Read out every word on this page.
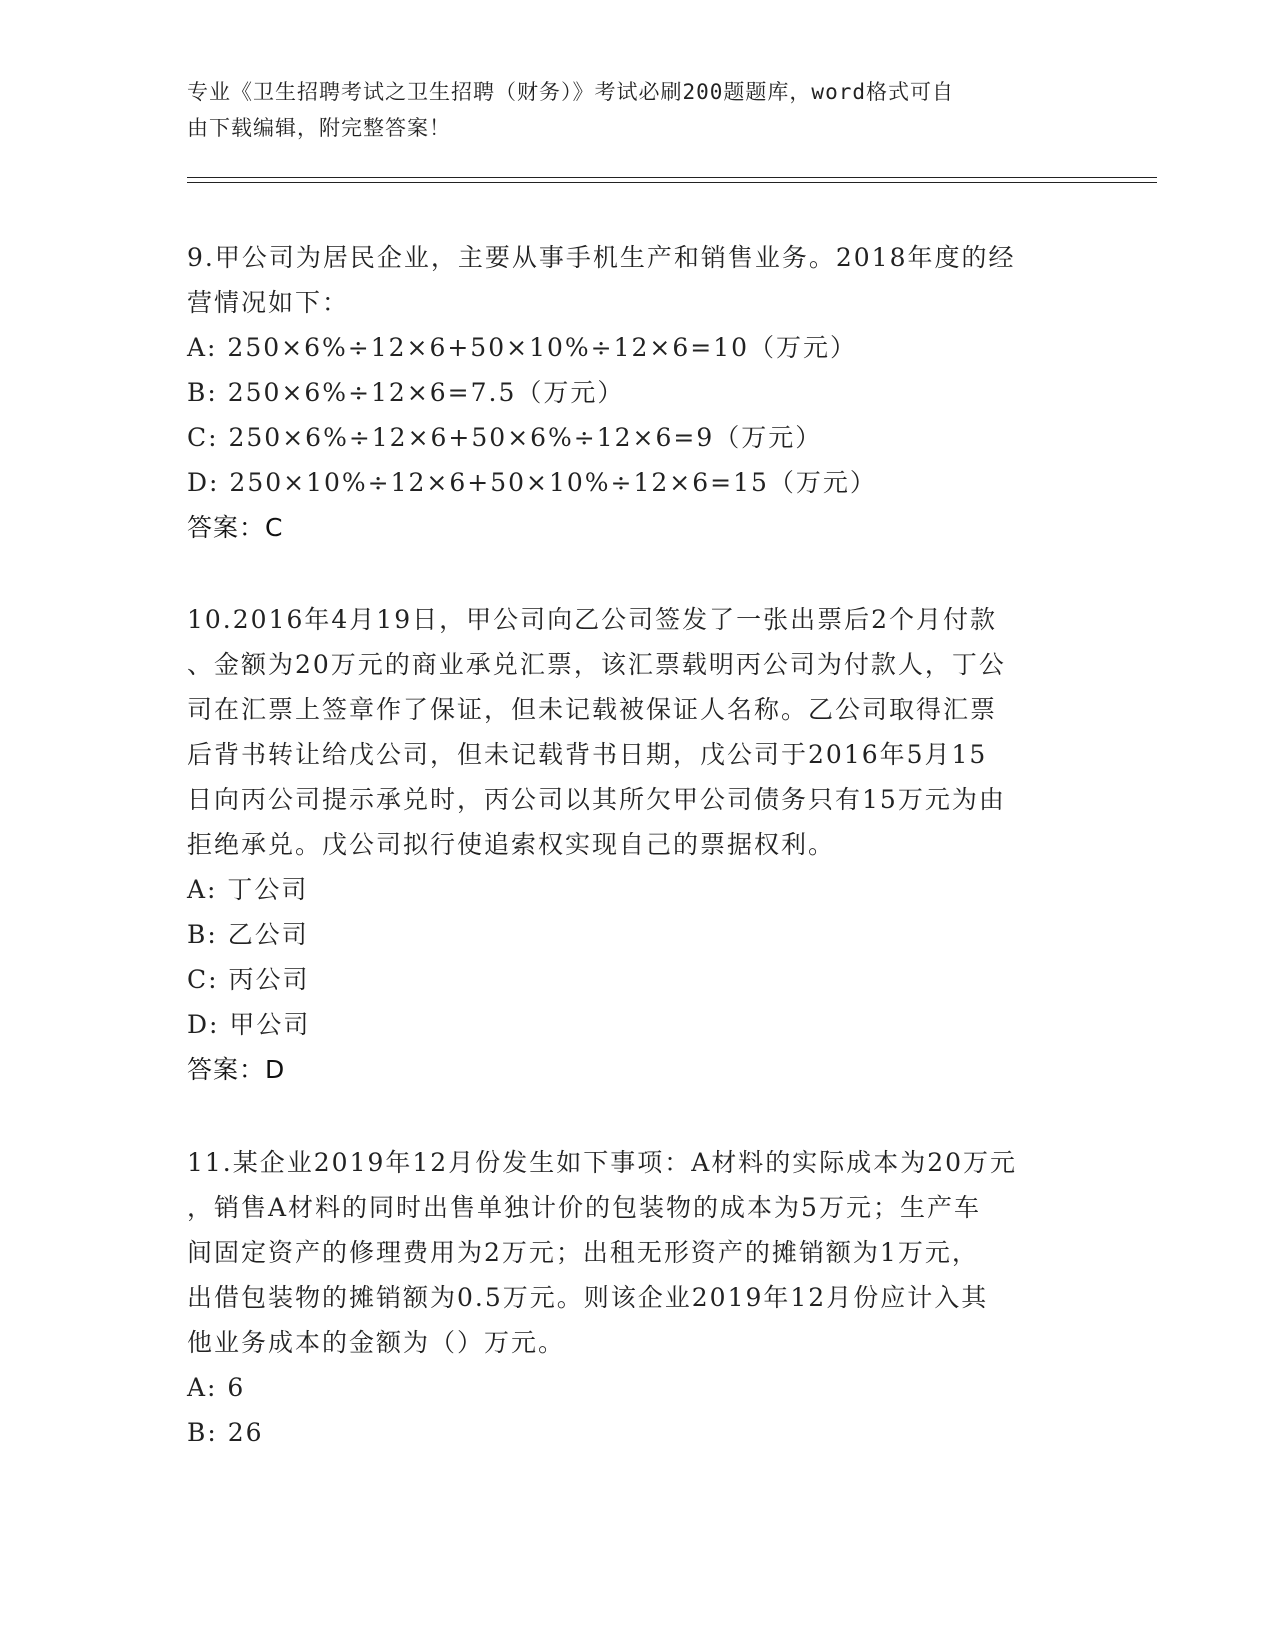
专业《卫生招聘考试之卫生招聘（财务）》考试必刷200题题库，word格式可自
由下载编辑，附完整答案！
9.甲公司为居民企业，主要从事手机生产和销售业务。2018年度的经
营情况如下：
A: 250×6%÷12×6+50×10%÷12×6=10（万元）
B: 250×6%÷12×6=7.5（万元）
C: 250×6%÷12×6+50×6%÷12×6=9（万元）
D: 250×10%÷12×6+50×10%÷12×6=15（万元）
答案：C
10.2016年4月19日，甲公司向乙公司签发了一张出票后2个月付款
、金额为20万元的商业承兑汇票，该汇票载明丙公司为付款人，丁公
司在汇票上签章作了保证，但未记载被保证人名称。乙公司取得汇票
后背书转让给戊公司，但未记载背书日期，戊公司于2016年5月15
日向丙公司提示承兑时，丙公司以其所欠甲公司债务只有15万元为由
拒绝承兑。戊公司拟行使追索权实现自己的票据权利。
A: 丁公司
B: 乙公司
C: 丙公司
D: 甲公司
答案：D
11.某企业2019年12月份发生如下事项：A材料的实际成本为20万元
，销售A材料的同时出售单独计价的包装物的成本为5万元；生产车
间固定资产的修理费用为2万元；出租无形资产的摊销额为1万元，
出借包装物的摊销额为0.5万元。则该企业2019年12月份应计入其
他业务成本的金额为（）万元。
A: 6
B: 26
